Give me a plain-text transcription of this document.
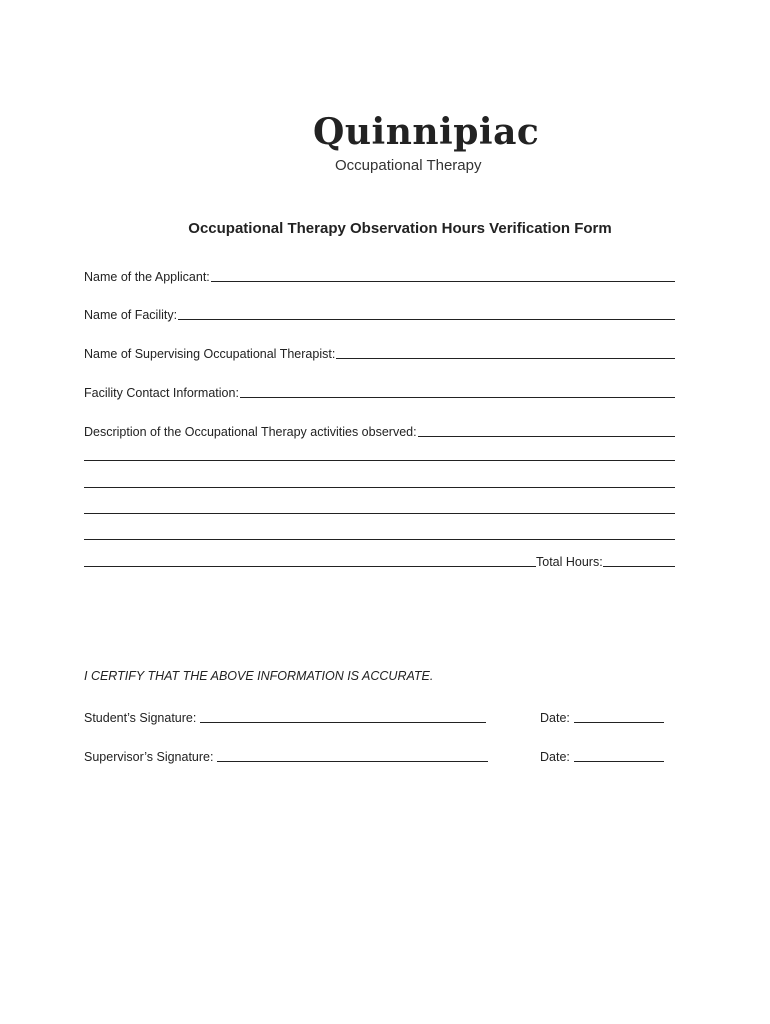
Quinnipiac
Occupational Therapy
Occupational Therapy Observation Hours Verification Form
Name of the Applicant:
Name of Facility:
Name of Supervising Occupational Therapist:
Facility Contact Information:
Description of the Occupational Therapy activities observed:
Total Hours:
I CERTIFY THAT THE ABOVE INFORMATION IS ACCURATE.
Student’s Signature:	Date:
Supervisor’s Signature:	Date:
